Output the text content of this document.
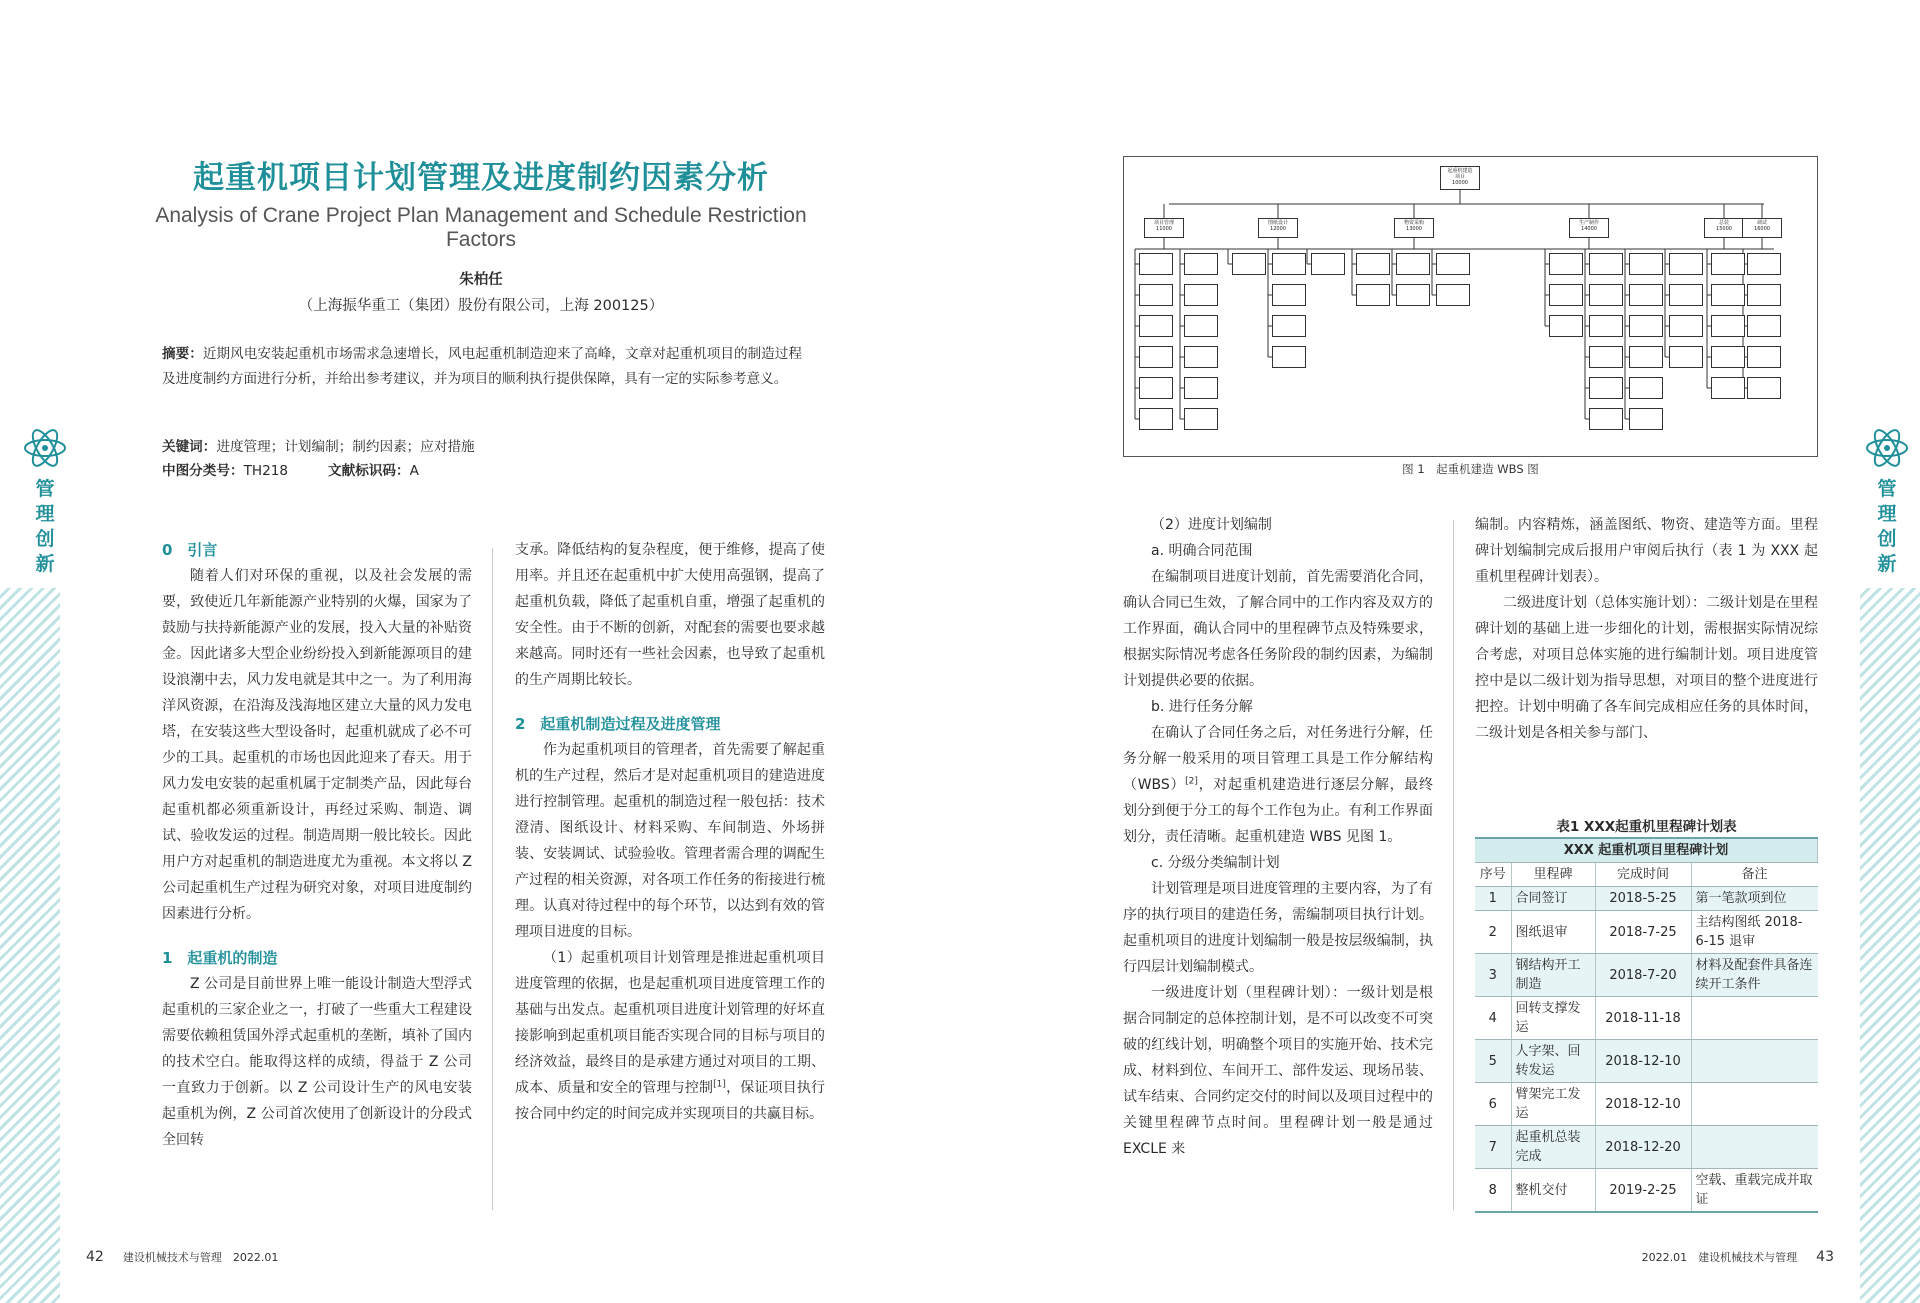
管
理
创
新
管
理
创
新
起重机项目计划管理及进度制约因素分析
Analysis of Crane Project Plan Management and Schedule Restriction Factors
朱柏任
（上海振华重工（集团）股份有限公司，上海 200125）
摘要：近期风电安装起重机市场需求急速增长，风电起重机制造迎来了高峰，文章对起重机项目的制造过程及进度制约方面进行分析，并给出参考建议，并为项目的顺利执行提供保障，具有一定的实际参考意义。
关键词：进度管理；计划编制；制约因素；应对措施
中图分类号：TH218	文献标识码：A
0　引言

随着人们对环保的重视，以及社会发展的需要，致使近几年新能源产业特别的火爆，国家为了鼓励与扶持新能源产业的发展，投入大量的补贴资金。因此诸多大型企业纷纷投入到新能源项目的建设浪潮中去，风力发电就是其中之一。为了利用海洋风资源，在沿海及浅海地区建立大量的风力发电塔，在安装这些大型设备时，起重机就成了必不可少的工具。起重机的市场也因此迎来了春天。用于风力发电安装的起重机属于定制类产品，因此每台起重机都必须重新设计，再经过采购、制造、调试、验收发运的过程。制造周期一般比较长。因此用户方对起重机的制造进度尤为重视。本文将以 Z 公司起重机生产过程为研究对象，对项目进度制约因素进行分析。

1　起重机的制造

Z 公司是目前世界上唯一能设计制造大型浮式起重机的三家企业之一，打破了一些重大工程建设需要依赖租赁国外浮式起重机的垄断，填补了国内的技术空白。能取得这样的成绩，得益于 Z 公司一直致力于创新。以 Z 公司设计生产的风电安装起重机为例，Z 公司首次使用了创新设计的分段式全回转

支承。降低结构的复杂程度，便于维修，提高了使用率。并且还在起重机中扩大使用高强钢，提高了起重机负载，降低了起重机自重，增强了起重机的安全性。由于不断的创新，对配套的需要也要求越来越高。同时还有一些社会因素，也导致了起重机的生产周期比较长。

2　起重机制造过程及进度管理

作为起重机项目的管理者，首先需要了解起重机的生产过程，然后才是对起重机项目的建造进度进行控制管理。起重机的制造过程一般包括：技术澄清、图纸设计、材料采购、车间制造、外场拼装、安装调试、试验验收。管理者需合理的调配生产过程的相关资源，对各项工作任务的衔接进行梳理。认真对待过程中的每个环节，以达到有效的管理项目进度的目标。

（1）起重机项目计划管理是推进起重机项目进度管理的依据，也是起重机项目进度管理工作的基础与出发点。起重机项目进度计划管理的好坏直接影响到起重机项目能否实现合同的目标与项目的经济效益，最终目的是承建方通过对项目的工期、成本、质量和安全的管理与控制[1]，保证项目执行按合同中约定的时间完成并实现项目的共赢目标。

起重机建造
项目
10000
项目管理
11000
图纸设计
12000
物资采购
13000
生产制作
14000
总装
15000
调试
16000
图 1　起重机建造 WBS 图

（2）进度计划编制

a. 明确合同范围

在编制项目进度计划前，首先需要消化合同，确认合同已生效，了解合同中的工作内容及双方的工作界面，确认合同中的里程碑节点及特殊要求，根据实际情况考虑各任务阶段的制约因素，为编制计划提供必要的依据。

b. 进行任务分解

在确认了合同任务之后，对任务进行分解，任务分解一般采用的项目管理工具是工作分解结构（WBS）[2]，对起重机建造进行逐层分解，最终划分到便于分工的每个工作包为止。有利工作界面划分，责任清晰。起重机建造 WBS 见图 1。

c. 分级分类编制计划

计划管理是项目进度管理的主要内容，为了有序的执行项目的建造任务，需编制项目执行计划。起重机项目的进度计划编制一般是按层级编制，执行四层计划编制模式。

一级进度计划（里程碑计划）：一级计划是根据合同制定的总体控制计划，是不可以改变不可突破的红线计划，明确整个项目的实施开始、技术完成、材料到位、车间开工、部件发运、现场吊装、试车结束、合同约定交付的时间以及项目过程中的关键里程碑节点时间。里程碑计划一般是通过 EXCLE 来

编制。内容精炼，涵盖图纸、物资、建造等方面。里程碑计划编制完成后报用户审阅后执行（表 1 为 XXX 起重机里程碑计划表）。

二级进度计划（总体实施计划）：二级计划是在里程碑计划的基础上进一步细化的计划，需根据实际情况综合考虑，对项目总体实施的进行编制计划。项目进度管控中是以二级计划为指导思想，对项目的整个进度进行把控。计划中明确了各车间完成相应任务的具体时间，二级计划是各相关参与部门、

表1 XXX起重机里程碑计划表
XXX 起重机项目里程碑计划			
序号	里程碑	完成时间	备注
1	合同签订	2018-5-25	第一笔款项到位
2	图纸退审	2018-7-25	主结构图纸 2018-6-15 退审
3	钢结构开工制造	2018-7-20	材料及配套件具备连续开工条件
4	回转支撑发运	2018-11-18	
5	人字架、回转发运	2018-12-10	
6	臂架完工发运	2018-12-10	
7	起重机总装完成	2018-12-20	
8	整机交付	2019-2-25	空载、重载完成并取证
42 建设机械技术与管理　2022.01	2022.01　建设机械技术与管理 43
